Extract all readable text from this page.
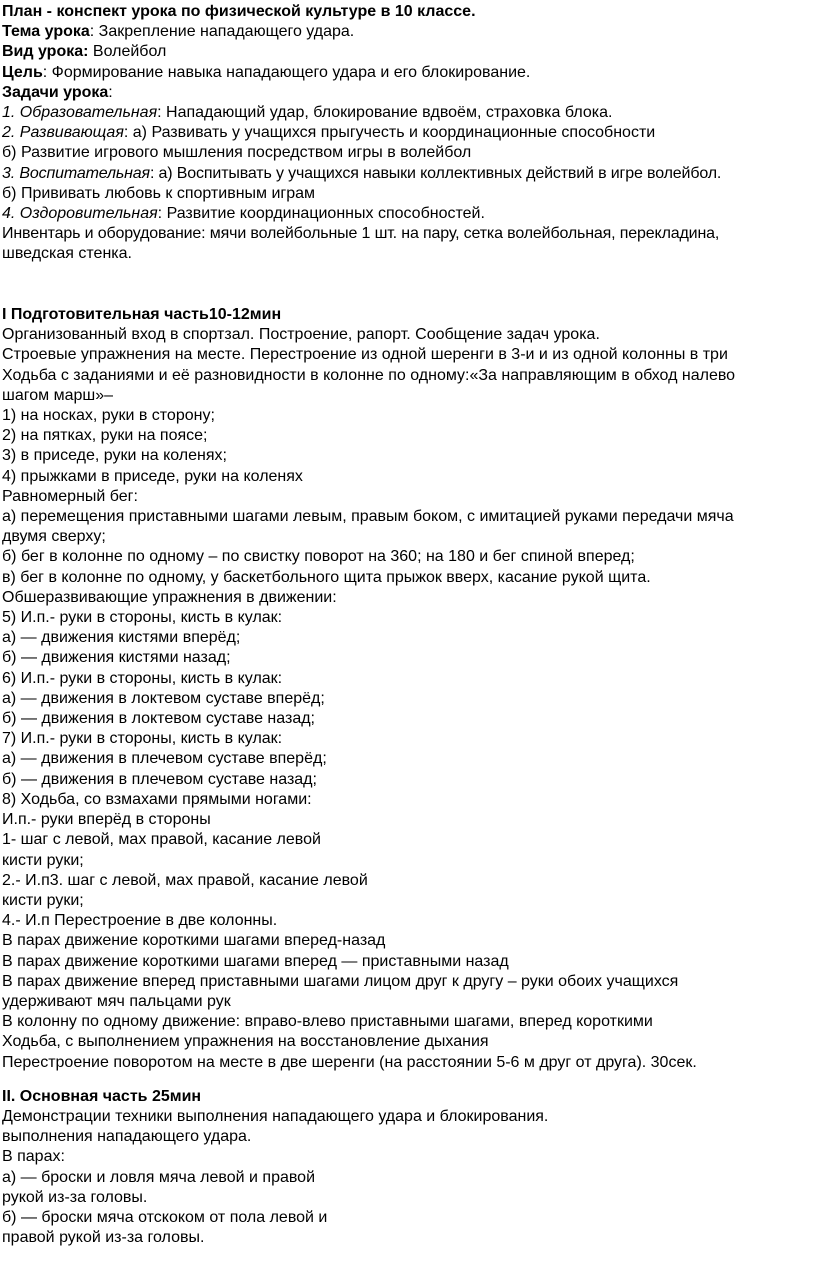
План - конспект урока по физической культуре в 10 классе.
Тема урока: Закрепление нападающего удара.
Вид урока: Волейбол
Цель: Формирование навыка нападающего удара и его блокирование.
Задачи урока:
1. Образовательная: Нападающий удар, блокирование вдвоём, страховка блока.
2. Развивающая: а) Развивать у учащихся прыгучесть и координационные способности
б) Развитие игрового мышления посредством игры в волейбол
3. Воспитательная: а) Воспитывать у учащихся навыки коллективных действий в игре волейбол.
б) Прививать любовь к спортивным играм
4. Оздоровительная: Развитие координационных способностей.
Инвентарь и оборудование: мячи волейбольные 1 шт. на пару, сетка волейбольная, перекладина,
шведская стенка.
I Подготовительная часть10-12мин
Организованный вход в спортзал. Построение, рапорт. Сообщение задач урока.
Строевые упражнения на месте. Перестроение из одной шеренги в 3-и и из одной колонны в три
Ходьба с заданиями и её разновидности в колонне по одному:«За направляющим в обход налево
шагом марш»–
1) на носках, руки в сторону;
2) на пятках, руки на поясе;
3) в приседе, руки на коленях;
4) прыжками в приседе, руки на коленях
Равномерный бег:
а) перемещения приставными шагами левым, правым боком, с имитацией руками передачи мяча
двумя сверху;
б) бег в колонне по одному – по свистку поворот на 360; на 180 и бег спиной вперед;
в) бег в колонне по одному, у баскетбольного щита прыжок вверх, касание рукой щита.
Обшеразвивающие упражнения в движении:
5) И.п.- руки в стороны, кисть в кулак:
а) — движения кистями вперёд;
б) — движения кистями назад;
6) И.п.- руки в стороны, кисть в кулак:
а) — движения в локтевом суставе вперёд;
б) — движения в локтевом суставе назад;
7) И.п.- руки в стороны, кисть в кулак:
а) — движения в плечевом суставе вперёд;
б) — движения в плечевом суставе назад;
8) Ходьба, со взмахами прямыми ногами:
И.п.- руки вперёд в стороны
1- шаг с левой, мах правой, касание левой
кисти руки;
2.- И.п3. шаг с левой, мах правой, касание левой
кисти руки;
4.- И.п Перестроение в две колонны.
В парах движение короткими шагами вперед-назад
В парах движение короткими шагами вперед — приставными назад
В парах движение вперед приставными шагами лицом друг к другу – руки обоих учащихся
удерживают мяч пальцами рук
В колонну по одному движение: вправо-влево приставными шагами, вперед короткими
Ходьба, с выполнением упражнения на восстановление дыхания
Перестроение поворотом на месте в две шеренги (на расстоянии 5-6 м друг от друга). 30сек.
II. Основная часть 25мин
Демонстрации техники выполнения нападающего удара и блокирования.
выполнения нападающего удара.
В парах:
а) — броски и ловля мяча левой и правой
рукой из-за головы.
б) — броски мяча отскоком от пола левой и
правой рукой из-за головы.
